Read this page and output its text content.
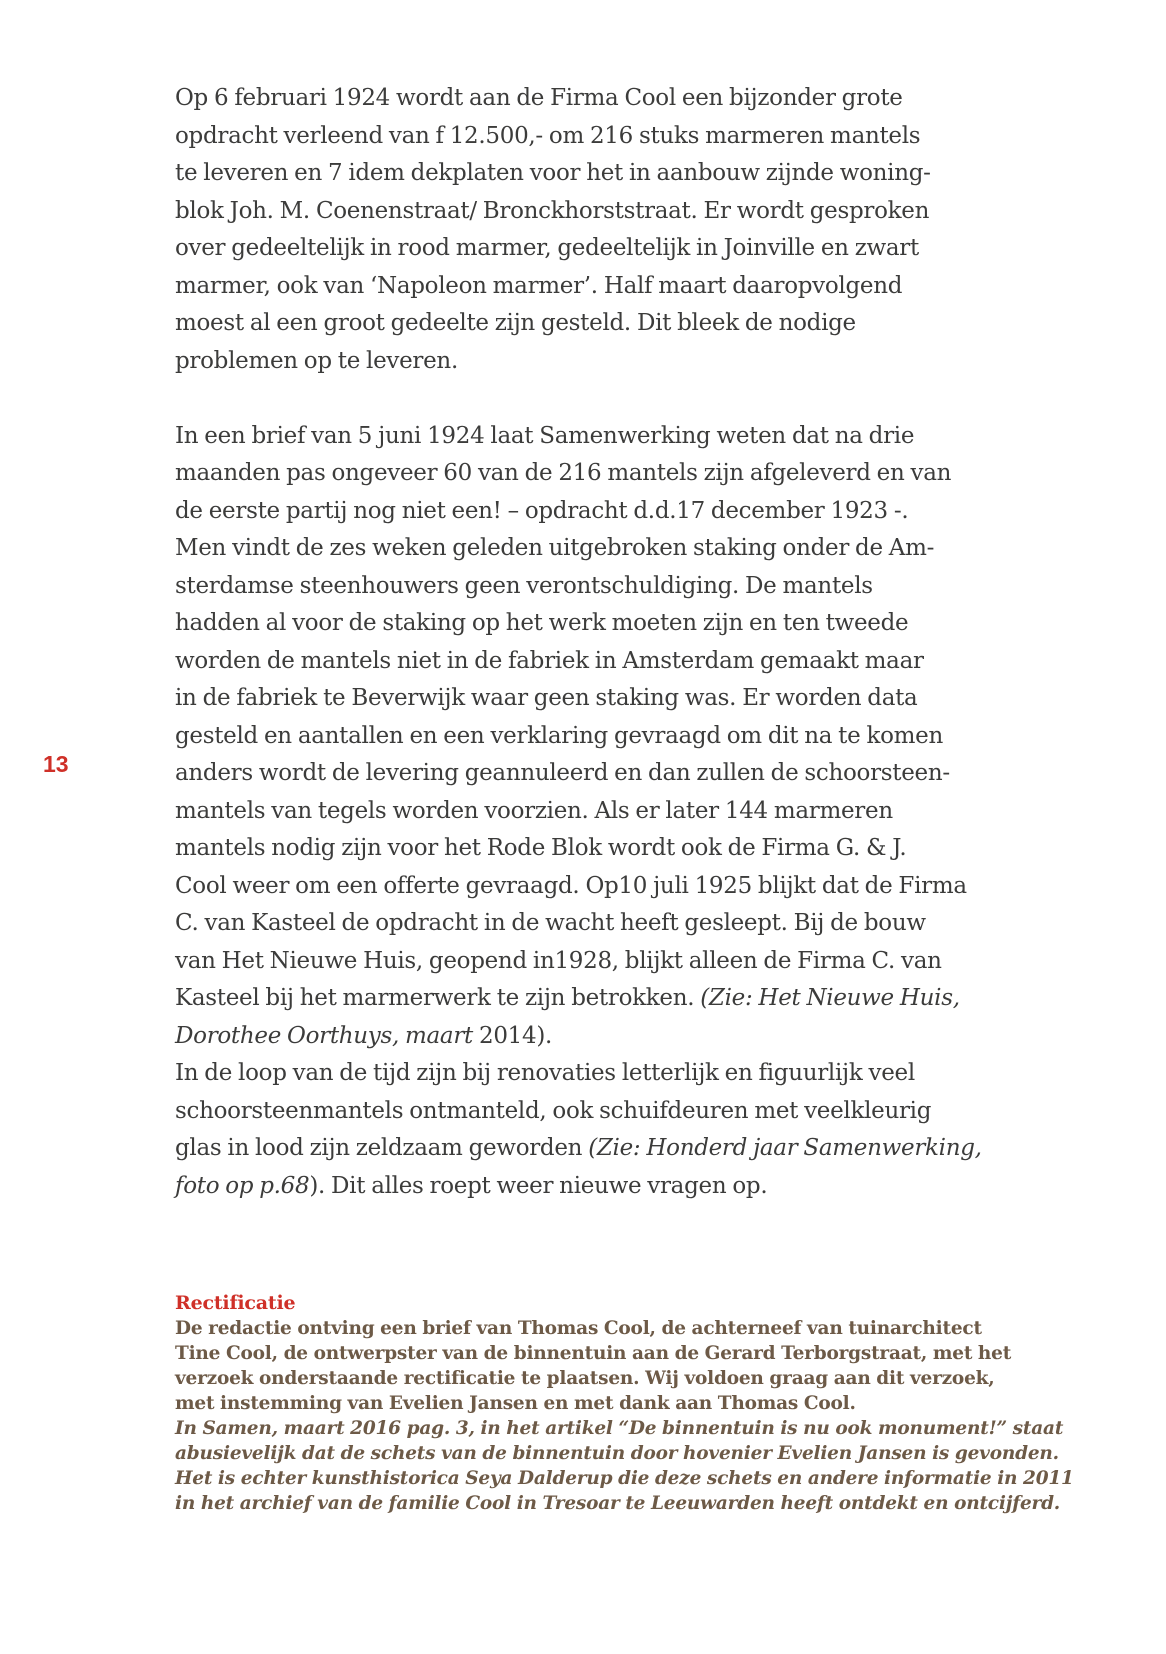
13
Op 6 februari 1924 wordt aan de Firma Cool een bijzonder grote
opdracht verleend van f 12.500,- om 216 stuks marmeren mantels
te leveren en 7 idem dekplaten voor het in aanbouw zijnde woning-
blok Joh. M. Coenenstraat/ Bronckhorststraat. Er wordt gesproken
over gedeeltelijk in rood marmer, gedeeltelijk in Joinville en zwart
marmer, ook van ‘Napoleon marmer’. Half maart daaropvolgend
moest al een groot gedeelte zijn gesteld. Dit bleek de nodige
problemen op te leveren.
In een brief van 5 juni 1924 laat Samenwerking weten dat na drie
maanden pas ongeveer 60 van de 216 mantels zijn afgeleverd en van
de eerste partij nog niet een! – opdracht d.d.17 december 1923 -.
Men vindt de zes weken geleden uitgebroken staking onder de Am-
sterdamse steenhouwers geen verontschuldiging. De mantels
hadden al voor de staking op het werk moeten zijn en ten tweede
worden de mantels niet in de fabriek in Amsterdam gemaakt maar
in de fabriek te Beverwijk waar geen staking was. Er worden data
gesteld en aantallen en een verklaring gevraagd om dit na te komen
anders wordt de levering geannuleerd en dan zullen de schoorsteen-
mantels van tegels worden voorzien. Als er later 144 marmeren
mantels nodig zijn voor het Rode Blok wordt ook de Firma G. & J.
Cool weer om een offerte gevraagd. Op10 juli 1925 blijkt dat de Firma
C. van Kasteel de opdracht in de wacht heeft gesleept. Bij de bouw
van Het Nieuwe Huis, geopend in1928, blijkt alleen de Firma C. van
Kasteel bij het marmerwerk te zijn betrokken. (Zie: Het Nieuwe Huis,
Dorothee Oorthuys, maart 2014).
In de loop van de tijd zijn bij renovaties letterlijk en figuurlijk veel
schoorsteenmantels ontmanteld, ook schuifdeuren met veelkleurig
glas in lood zijn zeldzaam geworden (Zie: Honderd jaar Samenwerking,
foto op p.68). Dit alles roept weer nieuwe vragen op.
Rectificatie
De redactie ontving een brief van Thomas Cool, de achterneef van tuinarchitect
Tine Cool, de ontwerpster van de binnentuin aan de Gerard Terborgstraat, met het
verzoek onderstaande rectificatie te plaatsen. Wij voldoen graag aan dit verzoek,
met instemming van Evelien Jansen en met dank aan Thomas Cool.
In Samen, maart 2016 pag. 3, in het artikel “De binnentuin is nu ook monument!” staat
abusievelijk dat de schets van de binnentuin door hovenier Evelien Jansen is gevonden.
Het is echter kunsthistorica Seya Dalderup die deze schets en andere informatie in 2011
in het archief van de familie Cool in Tresoar te Leeuwarden heeft ontdekt en ontcijferd.
